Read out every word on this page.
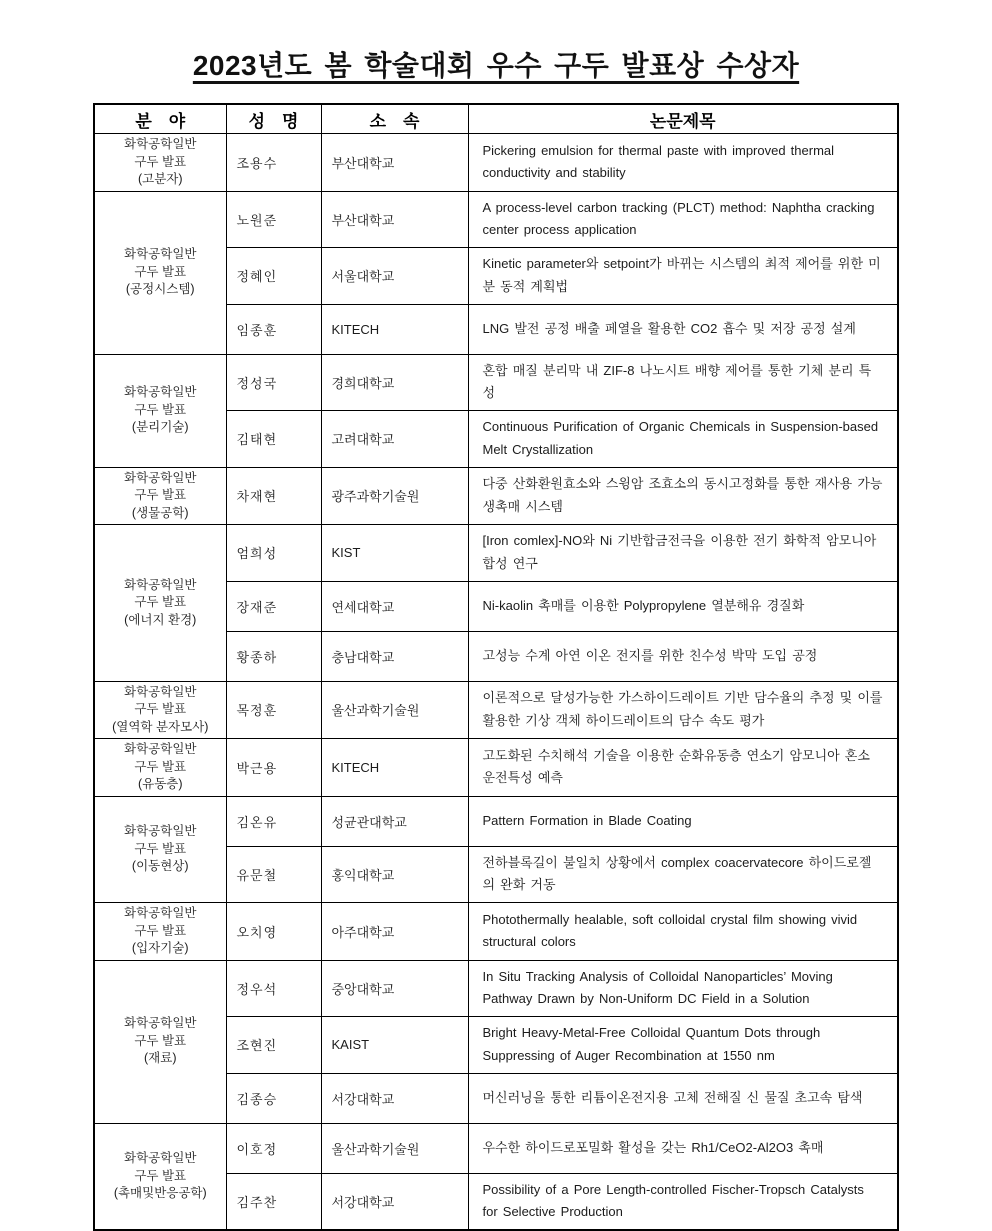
2023년도 봄 학술대회 우수 구두 발표상 수상자
분　야	성　명	소　속	논문제목

화학공학일반
구두 발표
(고분자)	조용수	부산대학교	Pickering emulsion for thermal paste with improved thermal conductivity and stability

화학공학일반
구두 발표
(공정시스템)	노원준	부산대학교	A process-level carbon tracking (PLCT) method: Naphtha cracking center process application
	정혜인	서울대학교	Kinetic parameter와 setpoint가 바뀌는 시스템의 최적 제어를 위한 미분 동적 계획법
	임종훈	KITECH	LNG 발전 공정 배출 페열을 활용한 CO2 흡수 및 저장 공정 설계

화학공학일반
구두 발표
(분리기술)	정성국	경희대학교	혼합 매질 분리막 내 ZIF-8 나노시트 배향 제어를 통한 기체 분리 특성
	김태현	고려대학교	Continuous Purification of Organic Chemicals in Suspension-based Melt Crystallization

화학공학일반
구두 발표
(생물공학)	차재현	광주과학기술원	다중 산화환원효소와 스윙암 조효소의 동시고정화를 통한 재사용 가능 생촉매 시스템

화학공학일반
구두 발표
(에너지 환경)	엄희성	KIST	[Iron comlex]-NO와 Ni 기반합금전극을 이용한 전기 화학적 암모니아 합성 연구
	장재준	연세대학교	Ni-kaolin 촉매를 이용한 Polypropylene 열분해유 경질화
	황종하	충남대학교	고성능 수계 아연 이온 전지를 위한 친수성 박막 도입 공정

화학공학일반
구두 발표
(열역학 분자모사)	목정훈	울산과학기술원	이론적으로 달성가능한 가스하이드레이트 기반 담수율의 추정 및 이를 활용한 기상 객체 하이드레이트의 담수 속도 평가

화학공학일반
구두 발표
(유동층)	박근용	KITECH	고도화된 수치해석 기술을 이용한 순화유동층 연소기 암모니아 혼소 운전특성 예측

화학공학일반
구두 발표
(이동현상)	김온유	성균관대학교	Pattern Formation in Blade Coating
	유문철	홍익대학교	전하블록길이 불일치 상황에서 complex coacervatecore 하이드로젤의 완화 거동

화학공학일반
구두 발표
(입자기술)	오치영	아주대학교	Photothermally healable, soft colloidal crystal film showing vivid structural colors

화학공학일반
구두 발표
(재료)	정우석	중앙대학교	In Situ Tracking Analysis of Colloidal Nanoparticles’ Moving Pathway Drawn by Non-Uniform DC Field in a Solution
	조현진	KAIST	Bright Heavy-Metal-Free Colloidal Quantum Dots through Suppressing of Auger Recombination at 1550 nm
	김종승	서강대학교	머신러닝을 통한 리튬이온전지용 고체 전해질 신 물질 초고속 탐색

화학공학일반
구두 발표
(촉매및반응공학)	이호정	울산과학기술원	우수한 하이드로포밀화 활성을 갖는 Rh1/CeO2-Al2O3 촉매
	김주찬	서강대학교	Possibility of a Pore Length-controlled Fischer-Tropsch Catalysts for Selective Production
